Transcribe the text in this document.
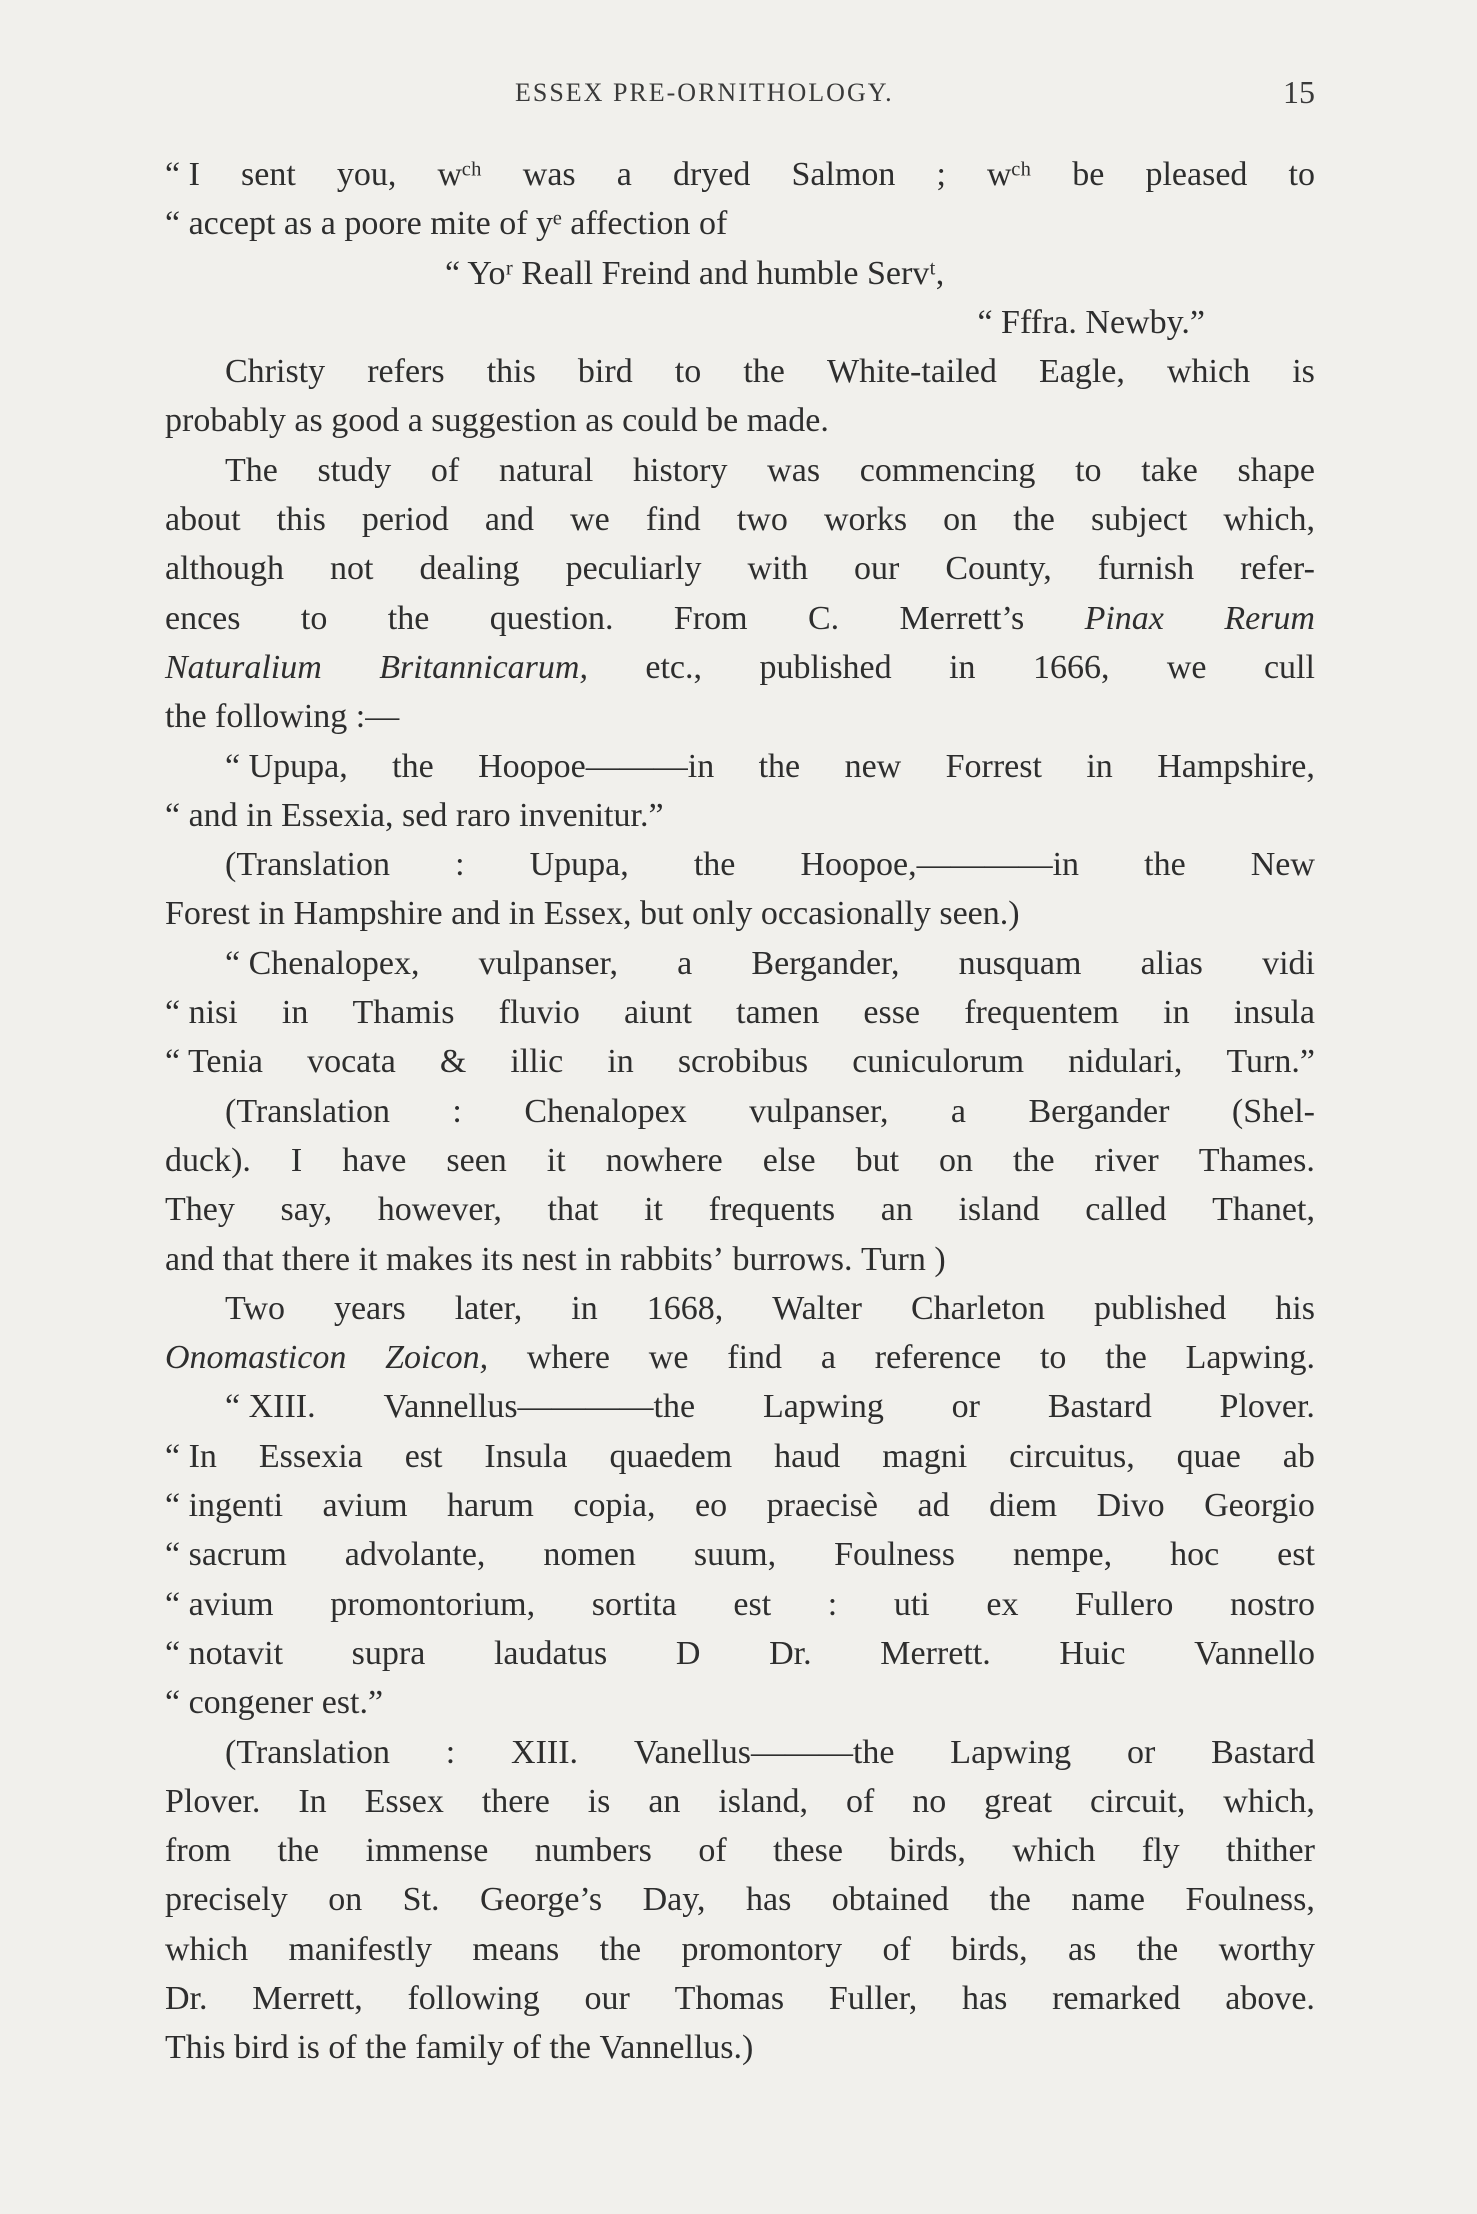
ESSEX PRE-ORNITHOLOGY.	15
“ I sent you, wᶜʰ was a dryed Salmon ; wᶜʰ be pleased to
“ accept as a poore mite of yᵉ affection of
“ Yoʳ Reall Freind and humble Servᵗ,
“ Fffra. Newby.”
Christy refers this bird to the White-tailed Eagle, which is
probably as good a suggestion as could be made.
The study of natural history was commencing to take shape
about this period and we find two works on the subject which,
although not dealing peculiarly with our County, furnish refer-
ences to the question. From C. Merrett’s Pinax Rerum
Naturalium Britannicarum, etc., published in 1666, we cull
the following :—
“ Upupa, the Hoopoe———in the new Forrest in Hampshire,
“ and in Essexia, sed raro invenitur.”
(Translation : Upupa, the Hoopoe,————in the New
Forest in Hampshire and in Essex, but only occasionally seen.)
“ Chenalopex, vulpanser, a Bergander, nusquam alias vidi
“ nisi in Thamis fluvio aiunt tamen esse frequentem in insula
“ Tenia vocata & illic in scrobibus cuniculorum nidulari, Turn.”
(Translation : Chenalopex vulpanser, a Bergander (Shel-
duck). I have seen it nowhere else but on the river Thames.
They say, however, that it frequents an island called Thanet,
and that there it makes its nest in rabbits’ burrows. Turn )
Two years later, in 1668, Walter Charleton published his
Onomasticon Zoicon, where we find a reference to the Lapwing.
“ XIII. Vannellus————the Lapwing or Bastard Plover.
“ In Essexia est Insula quaedem haud magni circuitus, quae ab
“ ingenti avium harum copia, eo praecisè ad diem Divo Georgio
“ sacrum advolante, nomen suum, Foulness nempe, hoc est
“ avium promontorium, sortita est : uti ex Fullero nostro
“ notavit supra laudatus D Dr. Merrett. Huic Vannello
“ congener est.”
(Translation : XIII. Vanellus———the Lapwing or Bastard
Plover. In Essex there is an island, of no great circuit, which,
from the immense numbers of these birds, which fly thither
precisely on St. George’s Day, has obtained the name Foulness,
which manifestly means the promontory of birds, as the worthy
Dr. Merrett, following our Thomas Fuller, has remarked above.
This bird is of the family of the Vannellus.)
